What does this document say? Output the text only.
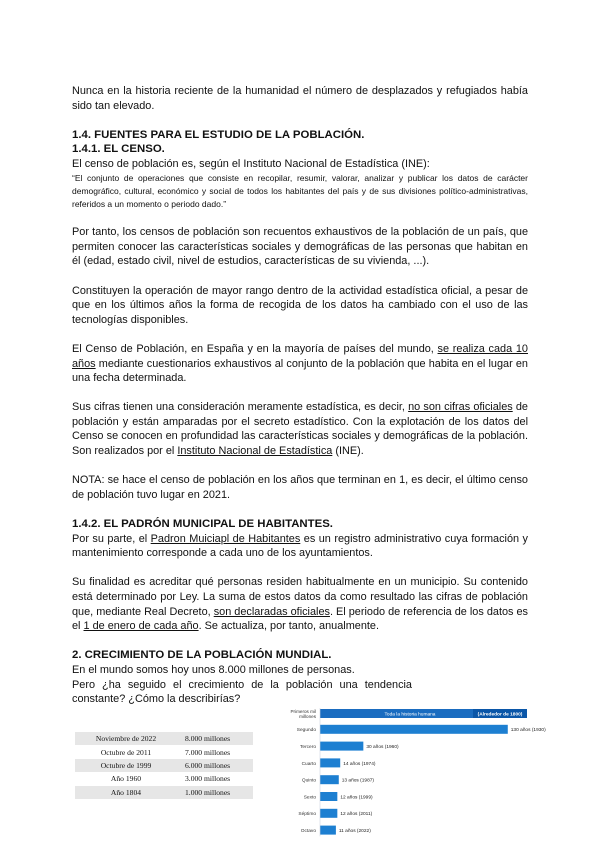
Nunca en la historia reciente de la humanidad el número de desplazados y refugiados había sido tan elevado.

1.4. FUENTES PARA EL ESTUDIO DE LA POBLACIÓN.
1.4.1. EL CENSO.

El censo de población es, según el Instituto Nacional de Estadística (INE):

“El conjunto de operaciones que consiste en recopilar, resumir, valorar, analizar y publicar los datos de carácter demográfico, cultural, económico y social de todos los habitantes del país y de sus divisiones político-administrativas, referidos a un momento o periodo dado.”

Por tanto, los censos de población son recuentos exhaustivos de la población de un país, que permiten conocer las características sociales y demográficas de las personas que habitan en él (edad, estado civil, nivel de estudios, características de su vivienda, ...).

Constituyen la operación de mayor rango dentro de la actividad estadística oficial, a pesar de que en los últimos años la forma de recogida de los datos ha cambiado con el uso de las tecnologías disponibles.

El Censo de Población, en España y en la mayoría de países del mundo, se realiza cada 10 años mediante cuestionarios exhaustivos al conjunto de la población que habita en el lugar en una fecha determinada.

Sus cifras tienen una consideración meramente estadística, es decir, no son cifras oficiales de población y están amparadas por el secreto estadístico. Con la explotación de los datos del Censo se conocen en profundidad las características sociales y demográficas de la población. Son realizados por el Instituto Nacional de Estadística (INE).

NOTA: se hace el censo de población en los años que terminan en 1, es decir, el último censo de población tuvo lugar en 2021.

1.4.2. EL PADRÓN MUNICIPAL DE HABITANTES.

Por su parte, el Padron Muiciapl de Habitantes es un registro administrativo cuya formación y mantenimiento corresponde a cada uno de los ayuntamientos.

Su finalidad es acreditar qué personas residen habitualmente en un municipio. Su contenido está determinado por Ley. La suma de estos datos da como resultado las cifras de población que, mediante Real Decreto, son declaradas oficiales. El periodo de referencia de los datos es el 1 de enero de cada año. Se actualiza, por tanto, anualmente.

2. CRECIMIENTO DE LA POBLACIÓN MUNDIAL.

En el mundo somos hoy unos 8.000 millones de personas.

Pero ¿ha seguido el crecimiento de la población una tendencia constante? ¿Cómo la describirías?

Noviembre de 2022	8.000 millones
Octubre de 2011	7.000 millones
Octubre de 1999	6.000 millones
Año 1960	3.000 millones
Año 1804	1.000 millones
Primeros mil
millones	Toda la historia humana	(Alrededor de 1800)
Segundo	130 años (1930)
Tercero	30 años (1960)
Cuarto	14 años (1974)
Quinto	13 años (1987)
Sexto	12 años (1999)
Séptimo	12 años (2011)
Octavo	11 años (2022)
